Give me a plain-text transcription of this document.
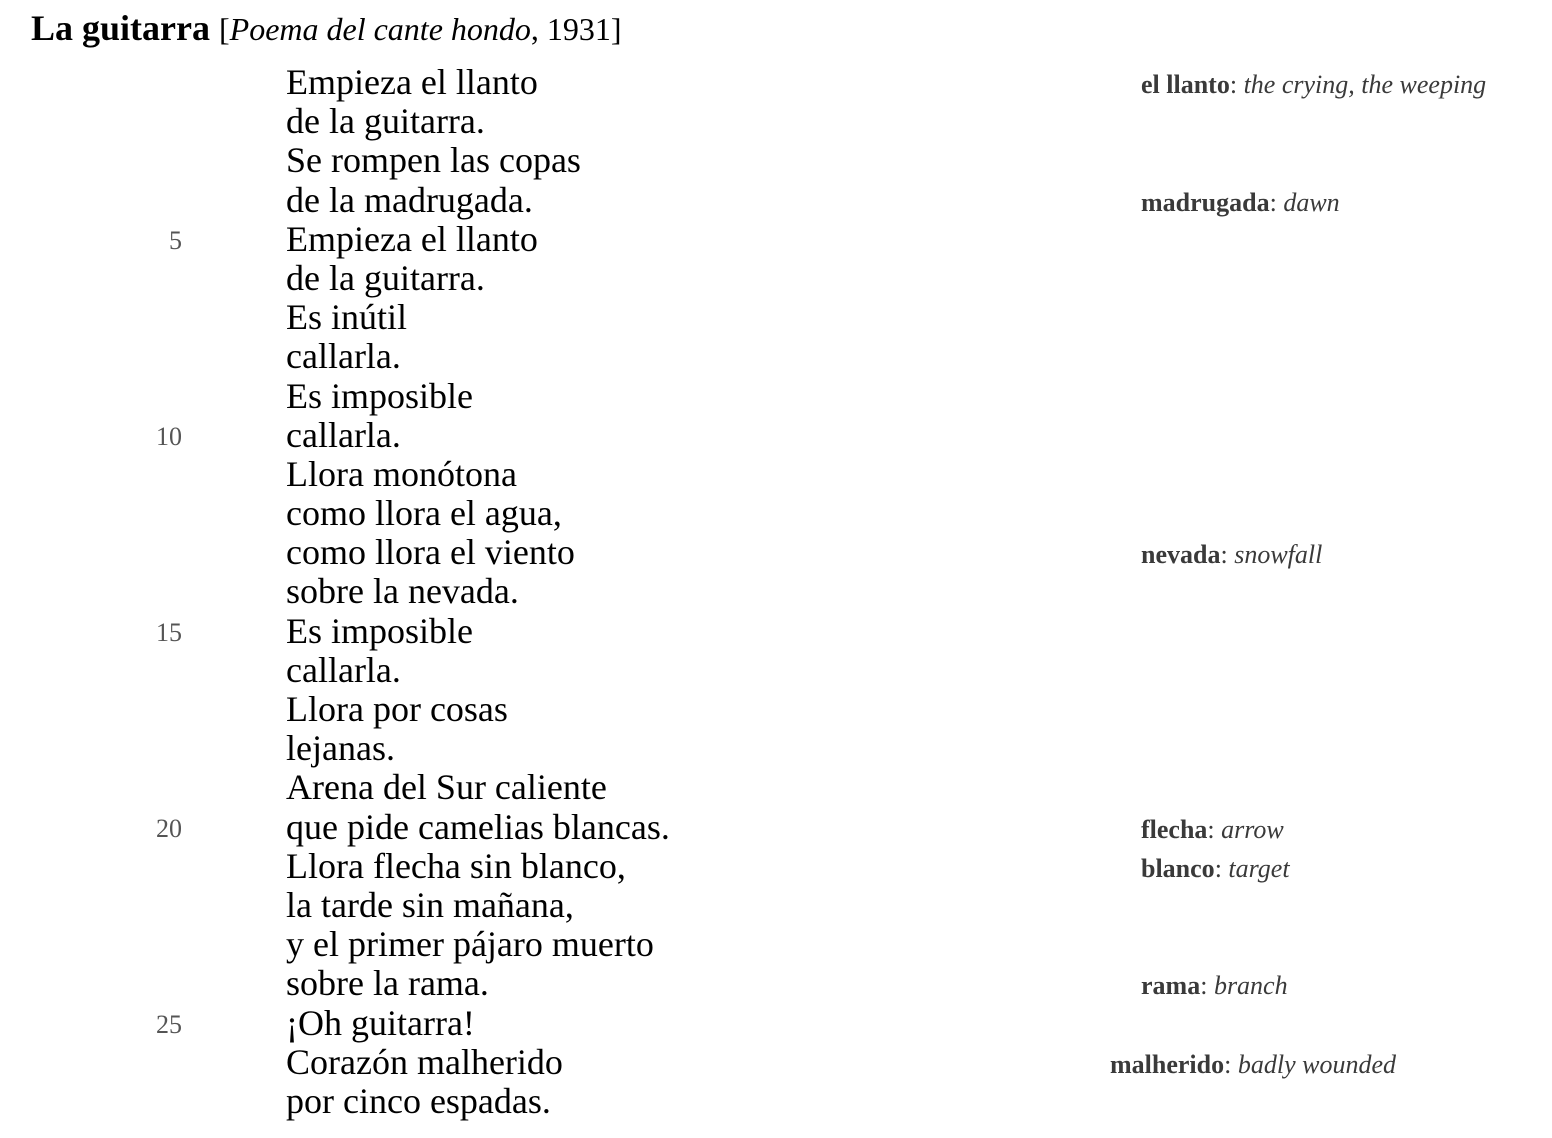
La guitarra [Poema del cante hondo, 1931]
Empieza el llanto	el llanto: the crying, the weeping
de la guitarra.
Se rompen las copas
de la madrugada.	madrugada: dawn
5	Empieza el llanto
de la guitarra.
Es inútil
callarla.
Es imposible
10	callarla.
Llora monótona
como llora el agua,
como llora el viento	nevada: snowfall
sobre la nevada.
15	Es imposible
callarla.
Llora por cosas
lejanas.
Arena del Sur caliente
20	que pide camelias blancas.	flecha: arrow
Llora flecha sin blanco,	blanco: target
la tarde sin mañana,
y el primer pájaro muerto
sobre la rama.	rama: branch
25	¡Oh guitarra!
Corazón malherido	malherido: badly wounded
por cinco espadas.
